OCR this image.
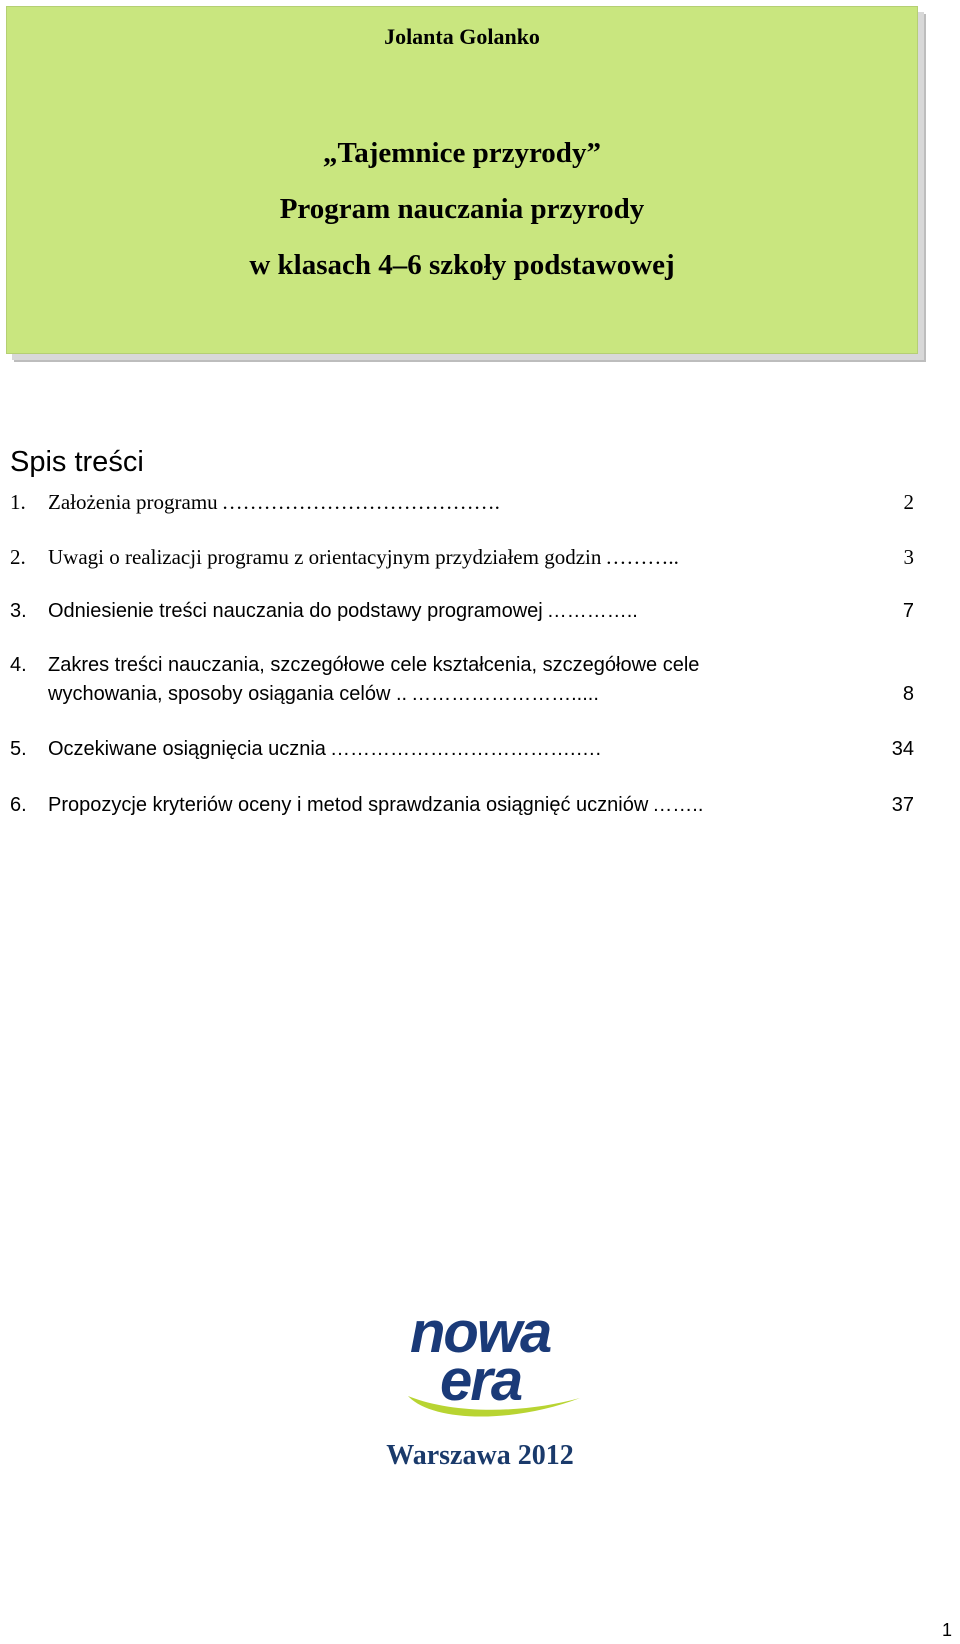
Jolanta Golanko
„Tajemnice przyrody”
Program nauczania przyrody
w klasach 4–6 szkoły podstawowej
Spis treści
1.	Założenia programu ………………………………….	2
2.	Uwagi o realizacji programu z orientacyjnym przydziałem godzin ………..	3
3.	Odniesienie treści nauczania do podstawy programowej …………..	7
4.	Zakres treści nauczania, szczegółowe cele kształcenia, szczegółowe cele
wychowania, sposoby osiągania celów .. …………………….....	8
5.	Oczekiwane osiągnięcia ucznia ……………………………….….	34
6.	Propozycje kryteriów oceny i metod sprawdzania osiągnięć uczniów ……..	37
nowa
era
Warszawa 2012
1
